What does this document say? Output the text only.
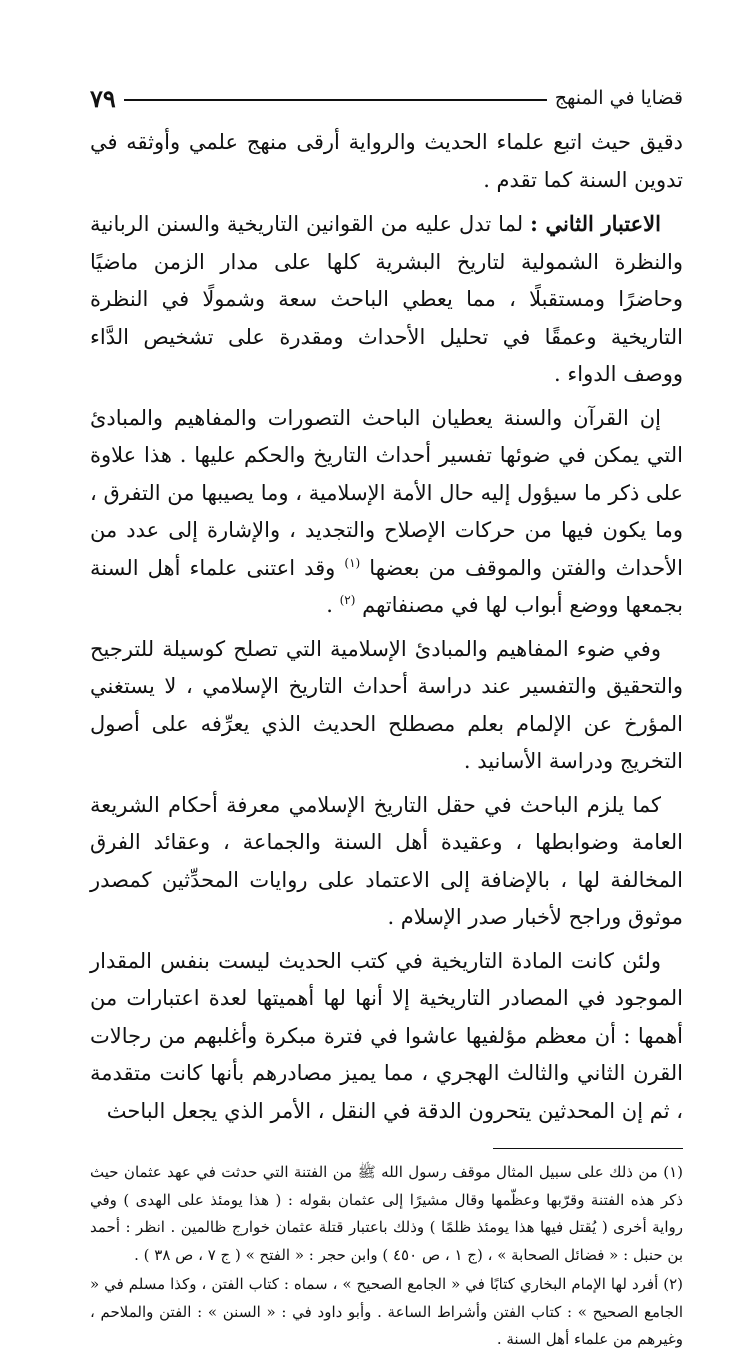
قضايا في المنهج
٧٩

دقيق حيث اتبع علماء الحديث والرواية أرقى منهج علمي وأوثقه في تدوين السنة كما تقدم .

الاعتبار الثاني : لما تدل عليه من القوانين التاريخية والسنن الربانية والنظرة الشمولية لتاريخ البشرية كلها على مدار الزمن ماضيًا وحاضرًا ومستقبلًا ، مما يعطي الباحث سعة وشمولًا في النظرة التاريخية وعمقًا في تحليل الأحداث ومقدرة على تشخيص الدَّاء ووصف الدواء .

إن القرآن والسنة يعطيان الباحث التصورات والمفاهيم والمبادئ التي يمكن في ضوئها تفسير أحداث التاريخ والحكم عليها . هذا علاوة على ذكر ما سيؤول إليه حال الأمة الإسلامية ، وما يصيبها من التفرق ، وما يكون فيها من حركات الإصلاح والتجديد ، والإشارة إلى عدد من الأحداث والفتن والموقف من بعضها $^{(١)}$ وقد اعتنى علماء أهل السنة بجمعها ووضع أبواب لها في مصنفاتهم $^{(٢)}$ .

وفي ضوء المفاهيم والمبادئ الإسلامية التي تصلح كوسيلة للترجيح والتحقيق والتفسير عند دراسة أحداث التاريخ الإسلامي ، لا يستغني المؤرخ عن الإلمام بعلم مصطلح الحديث الذي يعرِّفه على أصول التخريج ودراسة الأسانيد .

كما يلزم الباحث في حقل التاريخ الإسلامي معرفة أحكام الشريعة العامة وضوابطها ، وعقيدة أهل السنة والجماعة ، وعقائد الفرق المخالفة لها ، بالإضافة إلى الاعتماد على روايات المحدِّثين كمصدر موثوق وراجح لأخبار صدر الإسلام .

ولئن كانت المادة التاريخية في كتب الحديث ليست بنفس المقدار الموجود في المصادر التاريخية إلا أنها لها أهميتها لعدة اعتبارات من أهمها : أن معظم مؤلفيها عاشوا في فترة مبكرة وأغلبهم من رجالات القرن الثاني والثالث الهجري ، مما يميز مصادرهم بأنها كانت متقدمة ، ثم إن المحدثين يتحرون الدقة في النقل ، الأمر الذي يجعل الباحث

(١) من ذلك على سبيل المثال موقف رسول الله ﷺ من الفتنة التي حدثت في عهد عثمان حيث ذكر هذه الفتنة وقرّبها وعظّمها وقال مشيرًا إلى عثمان بقوله : ( هذا يومئذ على الهدى ) وفي رواية أخرى ( يُقتل فيها هذا يومئذ ظلمًا ) وذلك باعتبار قتلة عثمان خوارج ظالمين . انظر : أحمد بن حنبل : « فضائل الصحابة » ، (ج ١ ، ص ٤٥٠ ) وابن حجر : « الفتح » ( ج ٧ ، ص ٣٨ ) .

(٢) أفرد لها الإمام البخاري كتابًا في « الجامع الصحيح » ، سماه : كتاب الفتن ، وكذا مسلم في « الجامع الصحيح » : كتاب الفتن وأشراط الساعة . وأبو داود في : « السنن » : الفتن والملاحم ، وغيرهم من علماء أهل السنة .
